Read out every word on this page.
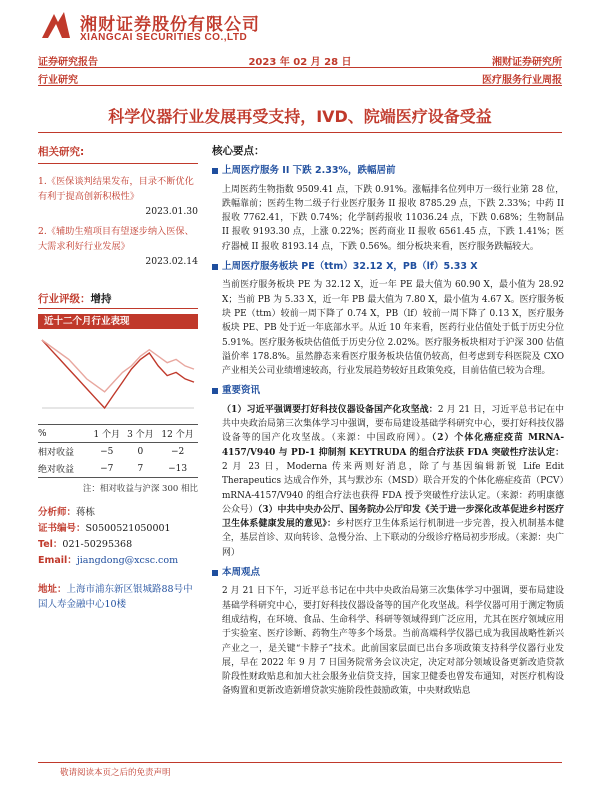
湘财证券股份有限公司
XIANGCAI SECURITIES CO.,LTD
证券研究报告	2023 年 02 月 28 日	湘财证券研究所
行业研究	医疗服务行业周报
科学仪器行业发展再受支持，IVD、院端医疗设备受益
相关研究:
1.《医保谈判结果发布，目录不断优化有利于提高创新积极性》
2023.01.30
2.《辅助生殖项目有望逐步纳入医保、大需求利好行业发展》
2023.02.14
行业评级：增持
近十二个月行业表现
%	1 个月	3 个月	12 个月
相对收益	−5	0	−2
绝对收益	−7	7	−13
注：相对收益与沪深 300 相比
分析师：蒋栋
证书编号：S0500521050001
Tel：021-50295368
Email：jiangdong@xcsc.com
地址：上海市浦东新区银城路88号中国人寿金融中心10楼
核心要点：
上周医疗服务 II 下跌 2.33%，跌幅居前
上周医药生物指数 9509.41 点，下跌 0.91%。涨幅排名位列申万一级行业第 28 位，跌幅靠前；医药生物二级子行业医疗服务 II 报收 8785.29 点，下跌 2.33%；中药 II 报收 7762.41，下跌 0.74%；化学制药报收 11036.24 点，下跌 0.68%；生物制品 II 报收 9193.30 点，上涨 0.22%；医药商业 II 报收 6561.45 点，下跌 1.41%；医疗器械 II 报收 8193.14 点，下跌 0.56%。细分板块来看，医疗服务跌幅较大。
上周医疗服务板块 PE（ttm）32.12 X，PB（lf）5.33 X
当前医疗服务板块 PE 为 32.12 X，近一年 PE 最大值为 60.90 X，最小值为 28.92 X；当前 PB 为 5.33 X，近一年 PB 最大值为 7.80 X，最小值为 4.67 X。医疗服务板块 PE（ttm）较前一周下降了 0.74 X，PB（lf）较前一周下降了 0.13 X，医疗服务板块 PE、PB 处于近一年底部水平。从近 10 年来看，医药行业估值处于低于历史分位 5.91%。医疗服务板块估值低于历史分位 2.02%。医疗服务板块相对于沪深 300 估值溢价率 178.8%。虽然静态来看医疗服务板块估值仍较高，但考虑到专科医院及 CXO 产业相关公司业绩增速较高，行业发展趋势较好且政策免疫，目前估值已较为合理。
重要资讯
（1）习近平强调要打好科技仪器设备国产化攻坚战：2 月 21 日，习近平总书记在中共中央政治局第三次集体学习中强调，要布局建设基础学科研究中心，要打好科技仪器设备等的国产化攻坚战。（来源：中国政府网）。（2）个体化癌症疫苗 MRNA-4157/V940 与 PD-1 抑制剂 KEYTRUDA 的组合疗法获 FDA 突破性疗法认定：2 月 23 日，Moderna 传来两则好消息，除了与基因编辑新锐 Life Edit Therapeutics 达成合作外，其与默沙东（MSD）联合开发的个体化癌症疫苗（PCV）mRNA-4157/V940 的组合疗法也获得 FDA 授予突破性疗法认定。（来源：药明康德公众号）（3）中共中央办公厅、国务院办公厅印发《关于进一步深化改革促进乡村医疗卫生体系健康发展的意见》：乡村医疗卫生体系运行机制进一步完善，投入机制基本健全，基层首诊、双向转诊、急慢分治、上下联动的分级诊疗格局初步形成。（来源：央广网）
本周观点
2 月 21 日下午，习近平总书记在中共中央政治局第三次集体学习中强调，要布局建设基础学科研究中心，要打好科技仪器设备等的国产化攻坚战。科学仪器可用于测定物质组成结构，在环境、食品、生命科学、科研等领域得到广泛应用，尤其在医疗领域应用于实验室、医疗诊断、药物生产等多个场景。当前高端科学仪器已成为我国战略性新兴产业之一，是关键“卡脖子”技术。此前国家层面已出台多项政策支持科学仪器行业发展，早在 2022 年 9 月 7 日国务院常务会议决定，决定对部分领域设备更新改造贷款阶段性财政贴息和加大社会服务业信贷支持，国家卫健委也曾发布通知，对医疗机构设备购置和更新改造新增贷款实施阶段性鼓励政策，中央财政贴息
敬请阅读本页之后的免责声明
